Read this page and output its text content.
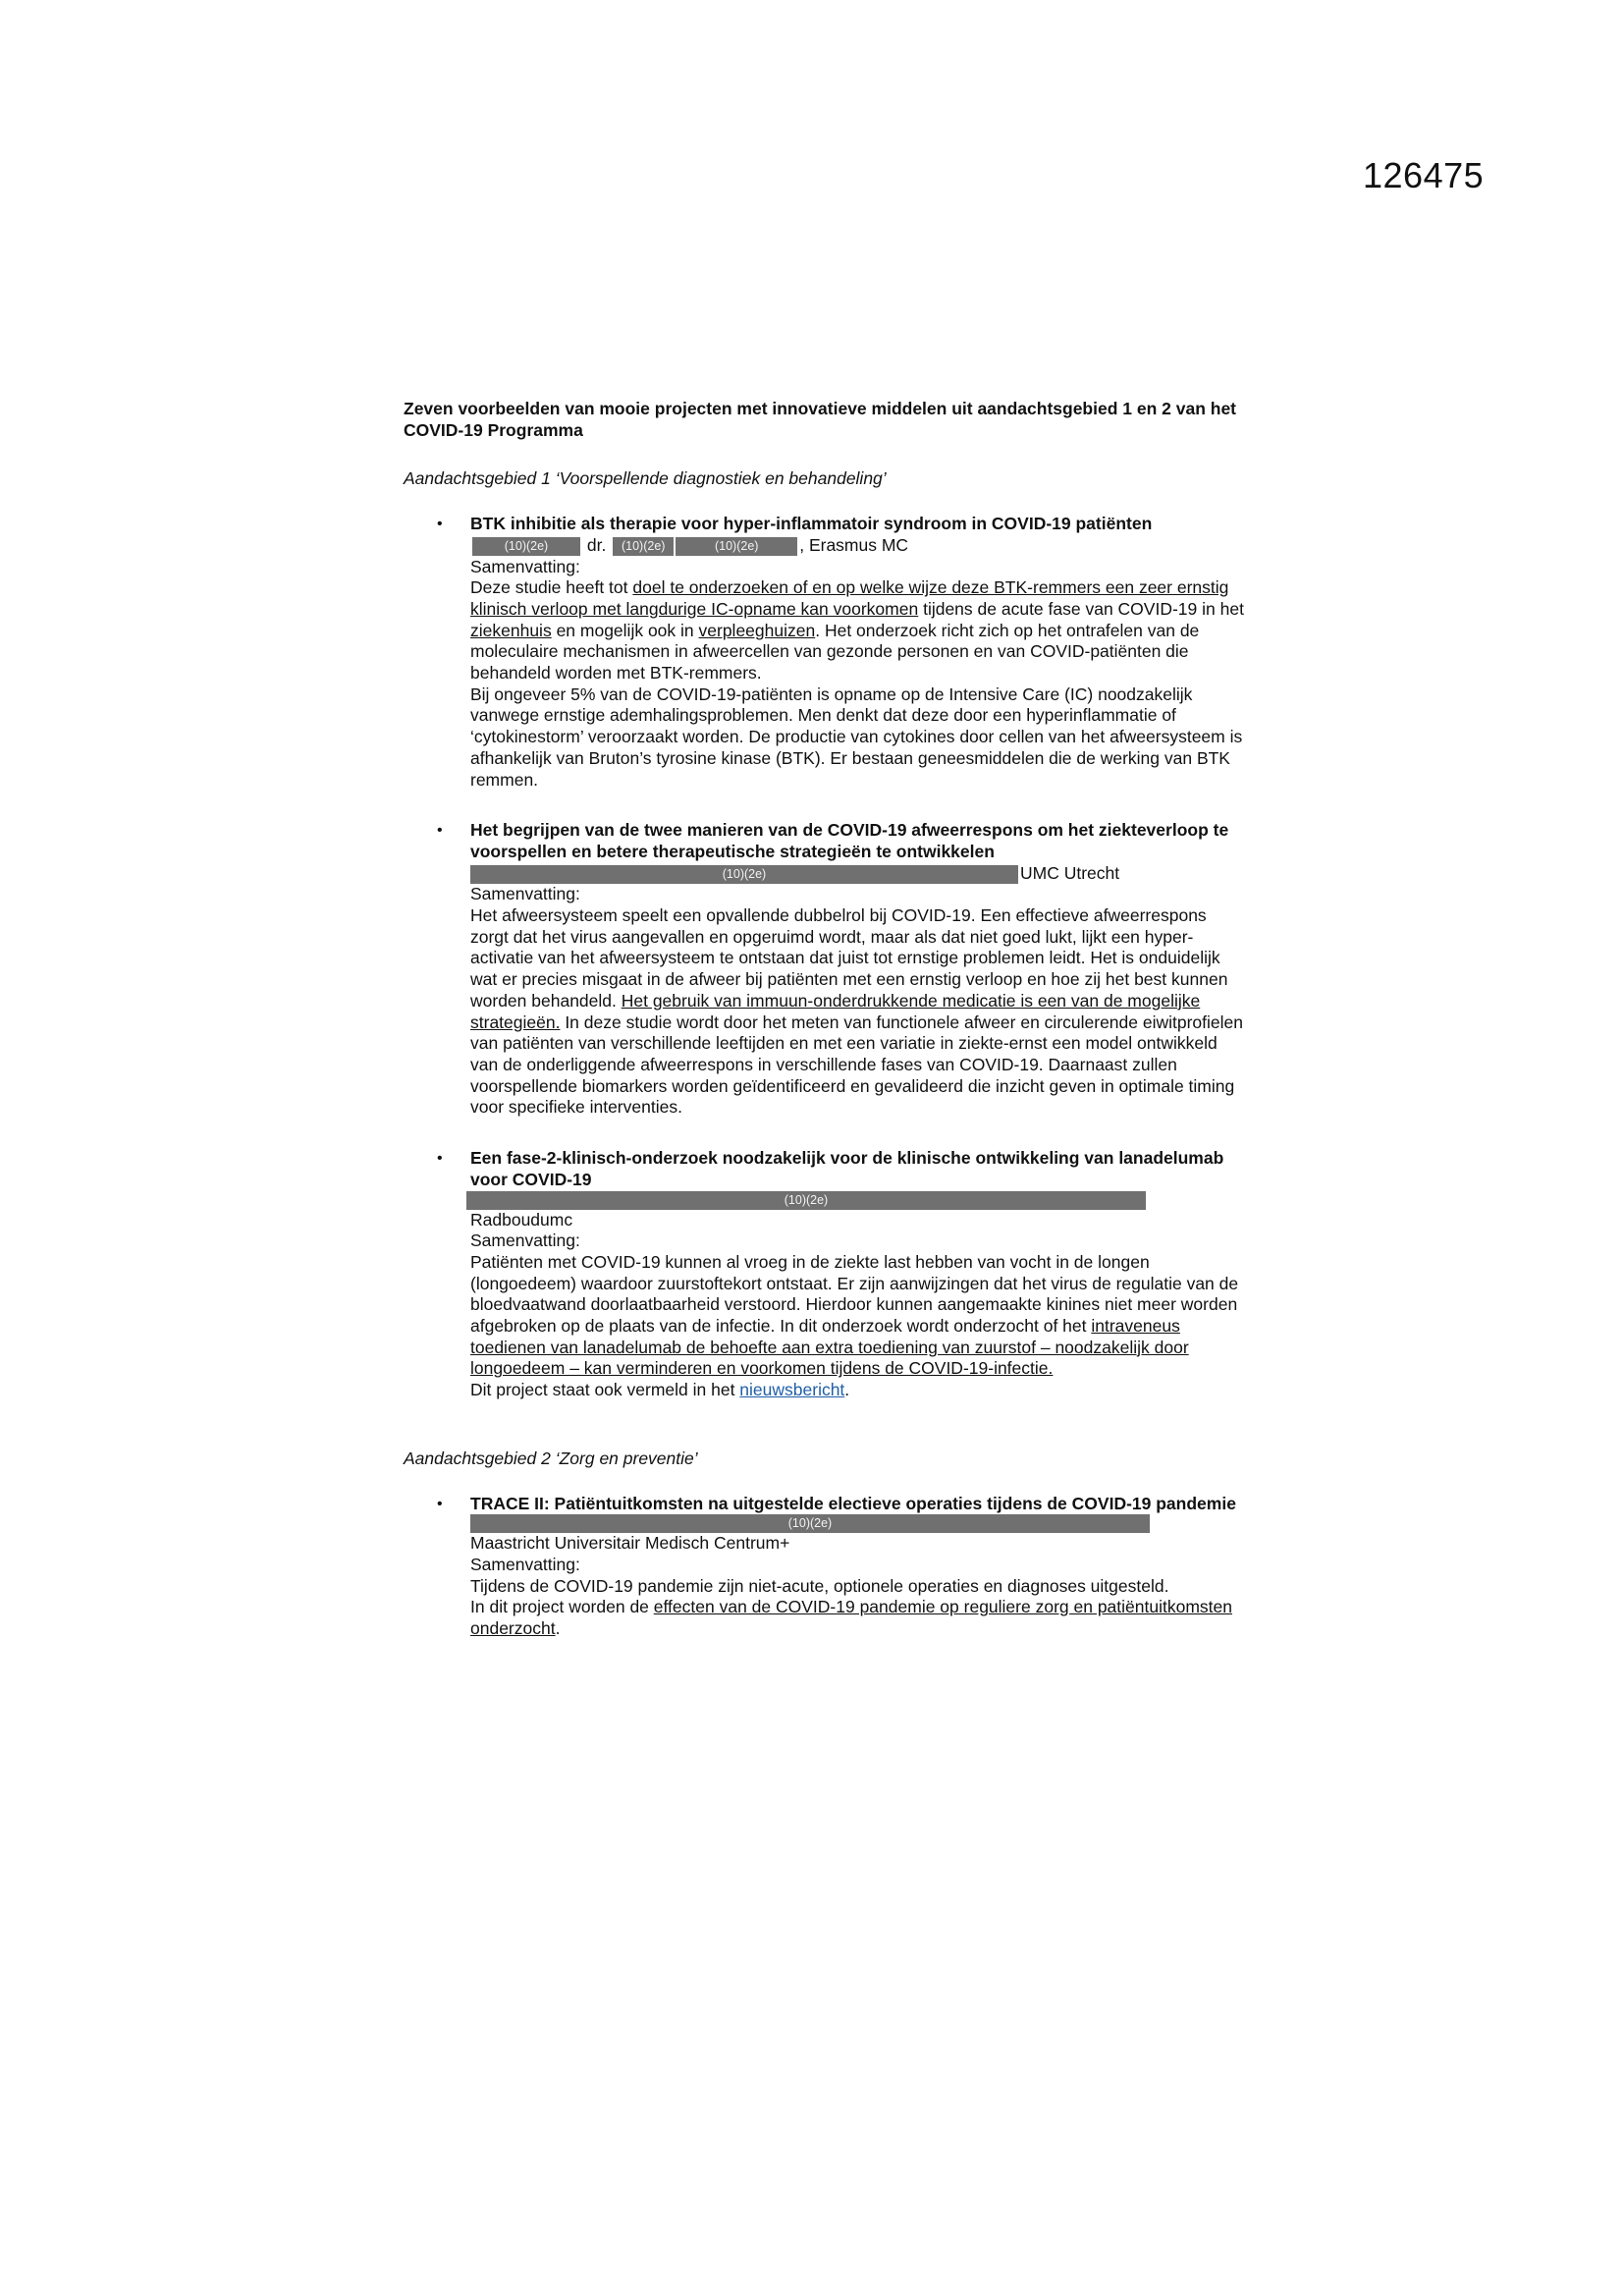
126475

Zeven voorbeelden van mooie projecten met innovatieve middelen uit aandachtsgebied 1 en 2 van het COVID-19 Programma

Aandachtsgebied 1 ‘Voorspellende diagnostiek en behandeling’

• BTK inhibitie als therapie voor hyper-inflammatoir syndroom in COVID-19 patiënten
(10)(2e) dr. (10)(2e)	(10)(2e) , Erasmus MC
Samenvatting:
Deze studie heeft tot doel te onderzoeken of en op welke wijze deze BTK-remmers een zeer ernstig klinisch verloop met langdurige IC-opname kan voorkomen tijdens de acute fase van COVID-19 in het ziekenhuis en mogelijk ook in verpleeghuizen. Het onderzoek richt zich op het ontrafelen van de moleculaire mechanismen in afweercellen van gezonde personen en van COVID-patiënten die behandeld worden met BTK-remmers.
Bij ongeveer 5% van de COVID-19-patiënten is opname op de Intensive Care (IC) noodzakelijk vanwege ernstige ademhalingsproblemen. Men denkt dat deze door een hyperinflammatie of ‘cytokinestorm’ veroorzaakt worden. De productie van cytokines door cellen van het afweersysteem is afhankelijk van Bruton’s tyrosine kinase (BTK). Er bestaan geneesmiddelen die de werking van BTK remmen.
• Het begrijpen van de twee manieren van de COVID-19 afweerrespons om het ziekteverloop te voorspellen en betere therapeutische strategieën te ontwikkelen
(10)(2e)	UMC Utrecht
Samenvatting:
Het afweersysteem speelt een opvallende dubbelrol bij COVID-19. Een effectieve afweerrespons zorgt dat het virus aangevallen en opgeruimd wordt, maar als dat niet goed lukt, lijkt een hyper-activatie van het afweersysteem te ontstaan dat juist tot ernstige problemen leidt. Het is onduidelijk wat er precies misgaat in de afweer bij patiënten met een ernstig verloop en hoe zij het best kunnen worden behandeld. Het gebruik van immuun-onderdrukkende medicatie is een van de mogelijke strategieën. In deze studie wordt door het meten van functionele afweer en circulerende eiwitprofielen van patiënten van verschillende leeftijden en met een variatie in ziekte-ernst een model ontwikkeld van de onderliggende afweerrespons in verschillende fases van COVID-19. Daarnaast zullen voorspellende biomarkers worden geïdentificeerd en gevalideerd die inzicht geven in optimale timing voor specifieke interventies.
• Een fase-2-klinisch-onderzoek noodzakelijk voor de klinische ontwikkeling van lanadelumab voor COVID-19
(10)(2e)
Radboudumc
Samenvatting:
Patiënten met COVID-19 kunnen al vroeg in de ziekte last hebben van vocht in de longen (longoedeem) waardoor zuurstoftekort ontstaat. Er zijn aanwijzingen dat het virus de regulatie van de bloedvaatwand doorlaatbaarheid verstoord. Hierdoor kunnen aangemaakte kinines niet meer worden afgebroken op de plaats van de infectie. In dit onderzoek wordt onderzocht of het intraveneus toedienen van lanadelumab de behoefte aan extra toediening van zuurstof – noodzakelijk door longoedeem – kan verminderen en voorkomen tijdens de COVID-19-infectie.
Dit project staat ook vermeld in het nieuwsbericht.

Aandachtsgebied 2 ‘Zorg en preventie’

• TRACE II: Patiëntuitkomsten na uitgestelde electieve operaties tijdens de COVID-19 pandemie
(10)(2e)
Maastricht Universitair Medisch Centrum+
Samenvatting:
Tijdens de COVID-19 pandemie zijn niet-acute, optionele operaties en diagnoses uitgesteld.
In dit project worden de effecten van de COVID-19 pandemie op reguliere zorg en patiëntuitkomsten onderzocht.
